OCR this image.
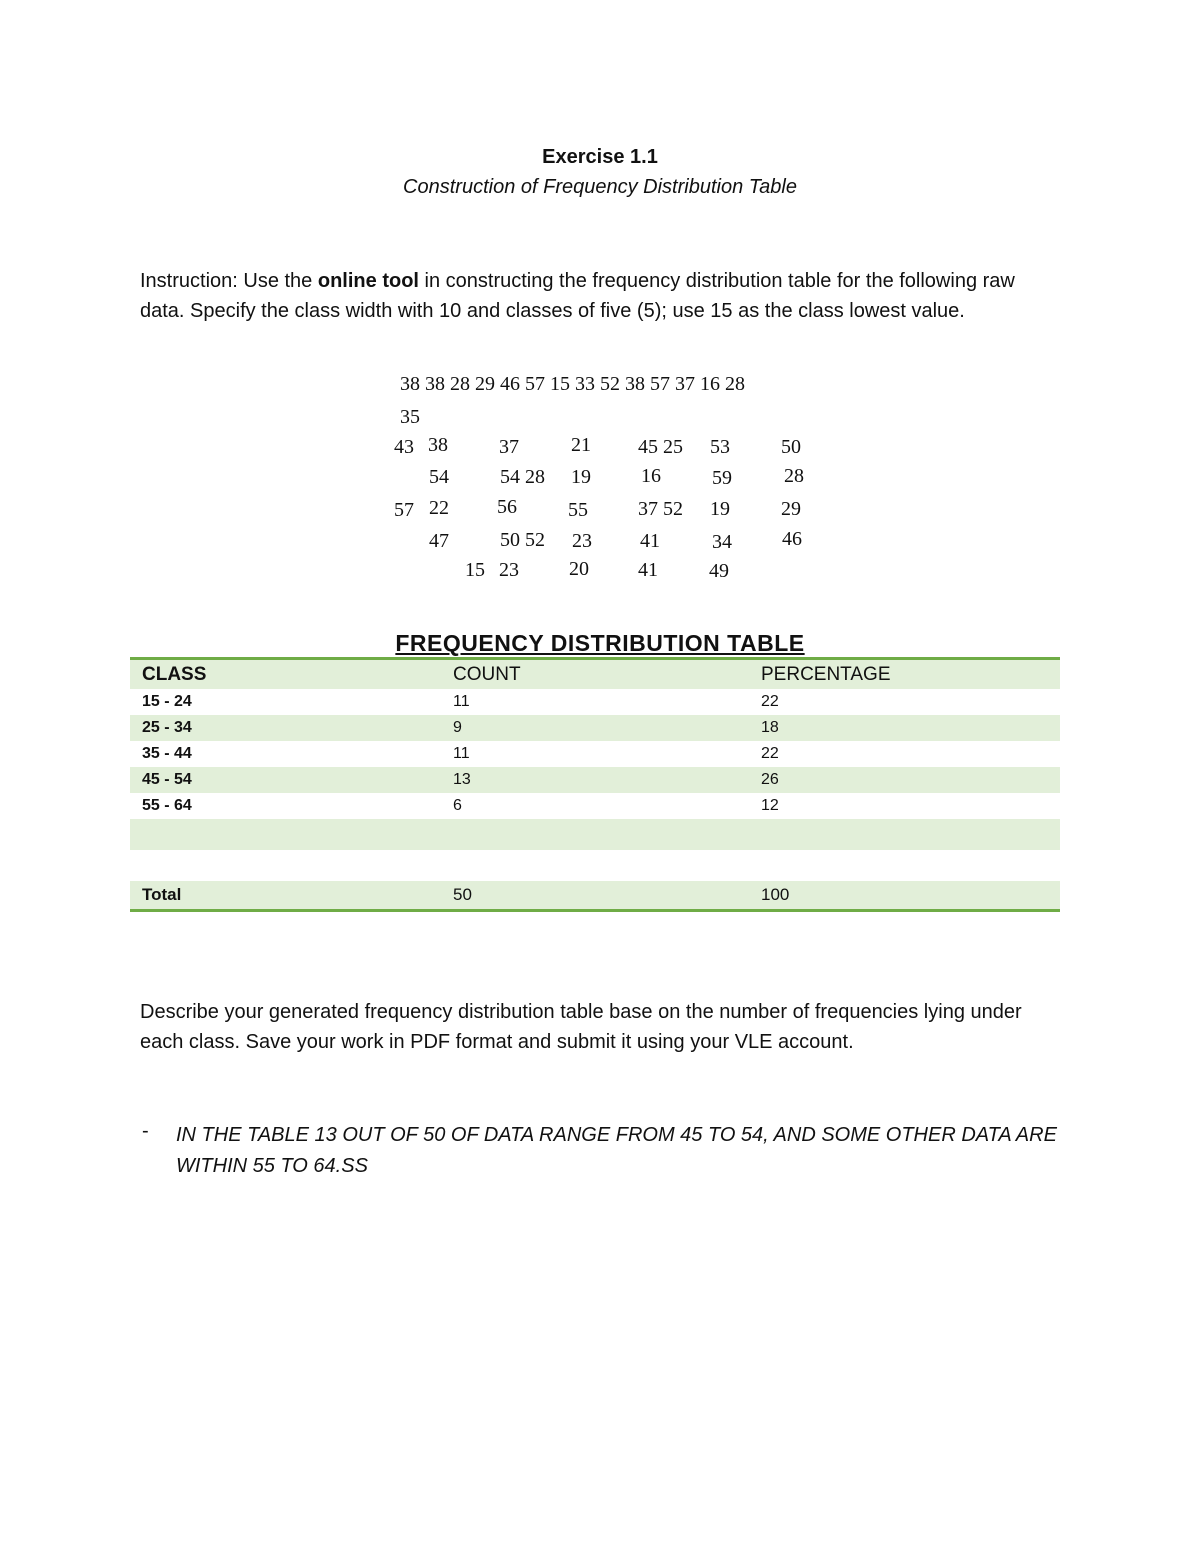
Exercise 1.1
Construction of Frequency Distribution Table
Instruction: Use the online tool in constructing the frequency distribution table for the following raw data. Specify the class width with 10 and classes of five (5); use 15 as the class lowest value.
38 38 28 29 46 57 15 33 52 38 57 37 16 28
35
43 38	37	21 45 25 53	50
54	54 28 19	16	59	28
57 22 56	55	37 52 19	29
47	50 52 23 41	34	46
15 23	20 41	49
FREQUENCY DISTRIBUTION TABLE
CLASS	COUNT	PERCENTAGE
15 - 24	11	22
25 - 34	9	18
35 - 44	11	22
45 - 54	13	26
55 - 64	6	12

Total	50	100
Describe your generated frequency distribution table base on the number of frequencies lying under each class. Save your work in PDF format and submit it using your VLE account.
- IN THE TABLE 13 OUT OF 50 OF DATA RANGE FROM 45 TO 54, AND SOME OTHER DATA ARE WITHIN 55 TO 64.SS
